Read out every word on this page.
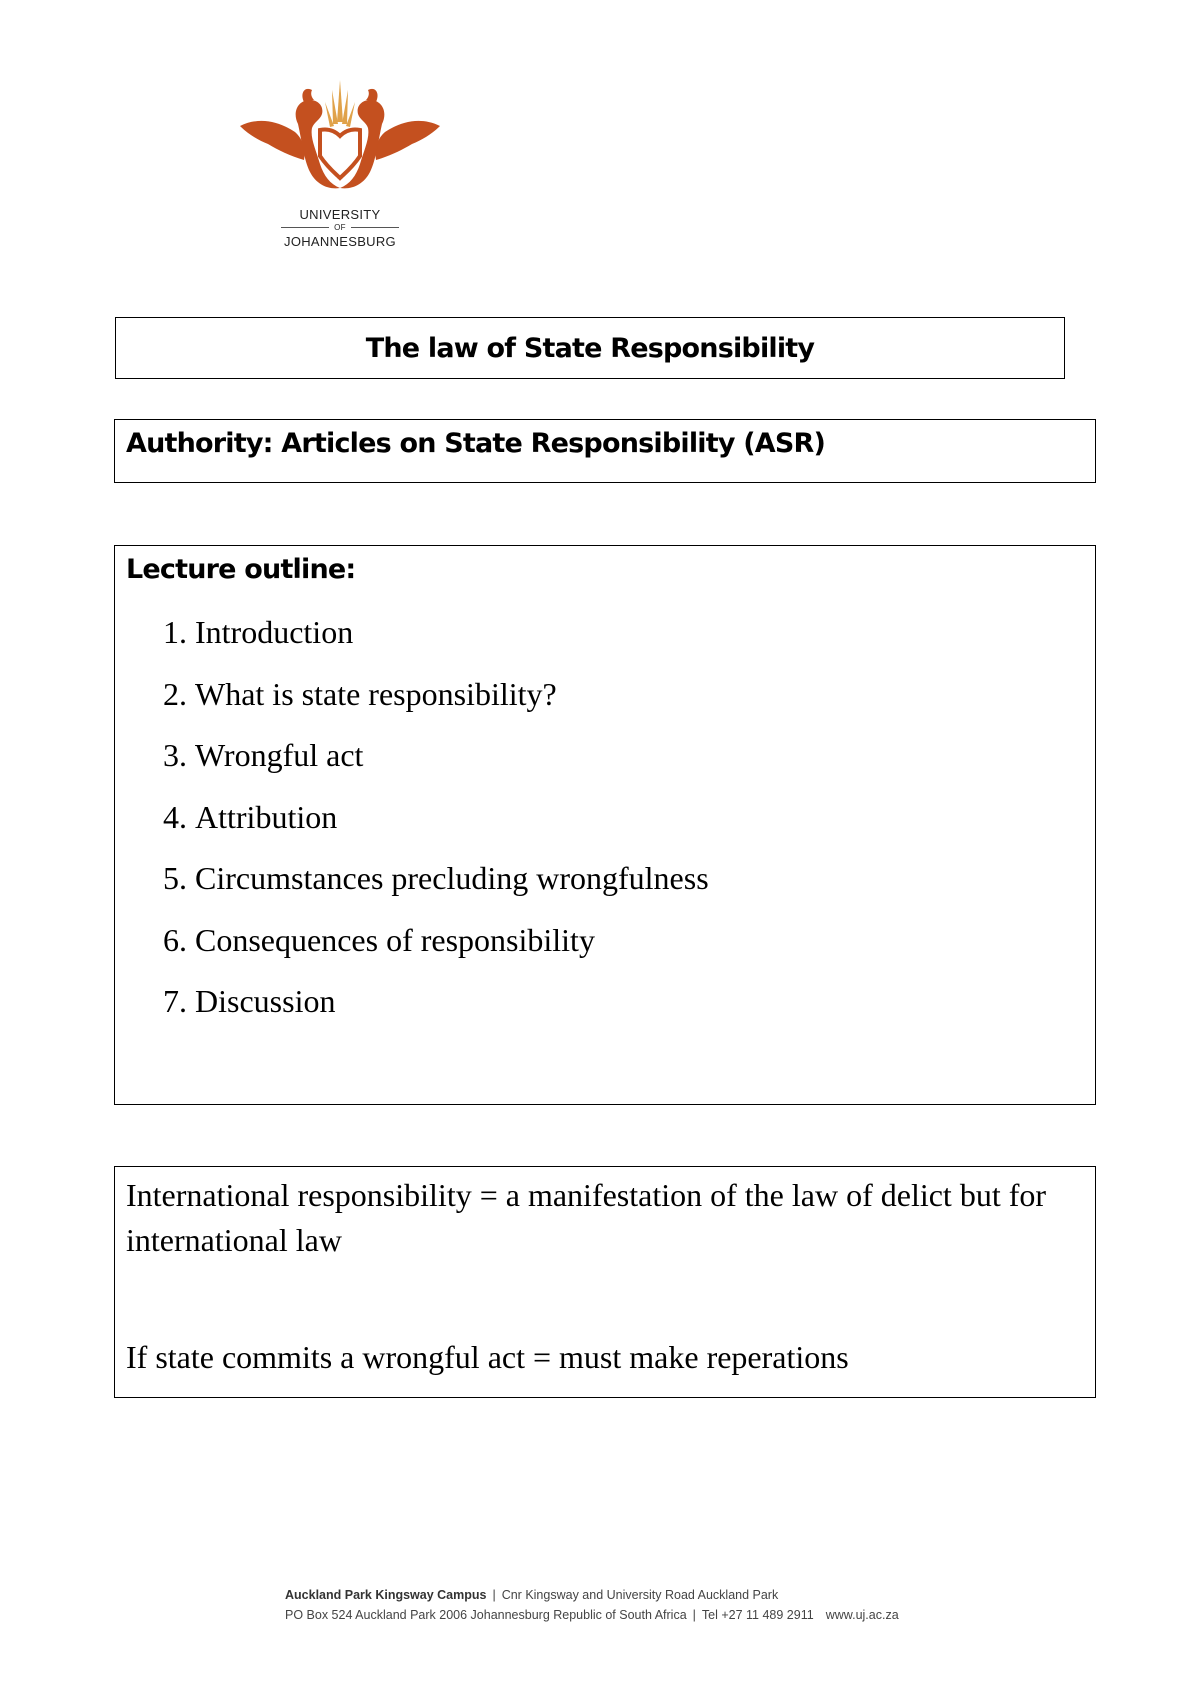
UNIVERSITY
OF
JOHANNESBURG
The law of State Responsibility
Authority: Articles on State Responsibility (ASR)
Lecture outline:
1. Introduction
2. What is state responsibility?
3. Wrongful act
4. Attribution
5. Circumstances precluding wrongfulness
6. Consequences of responsibility
7. Discussion
International responsibility = a manifestation of the law of delict but for international law
If state commits a wrongful act = must make reperations
Auckland Park Kingsway Campus | Cnr Kingsway and University Road Auckland Park
PO Box 524 Auckland Park 2006 Johannesburg Republic of South Africa | Tel +27 11 489 2911 www.uj.ac.za
